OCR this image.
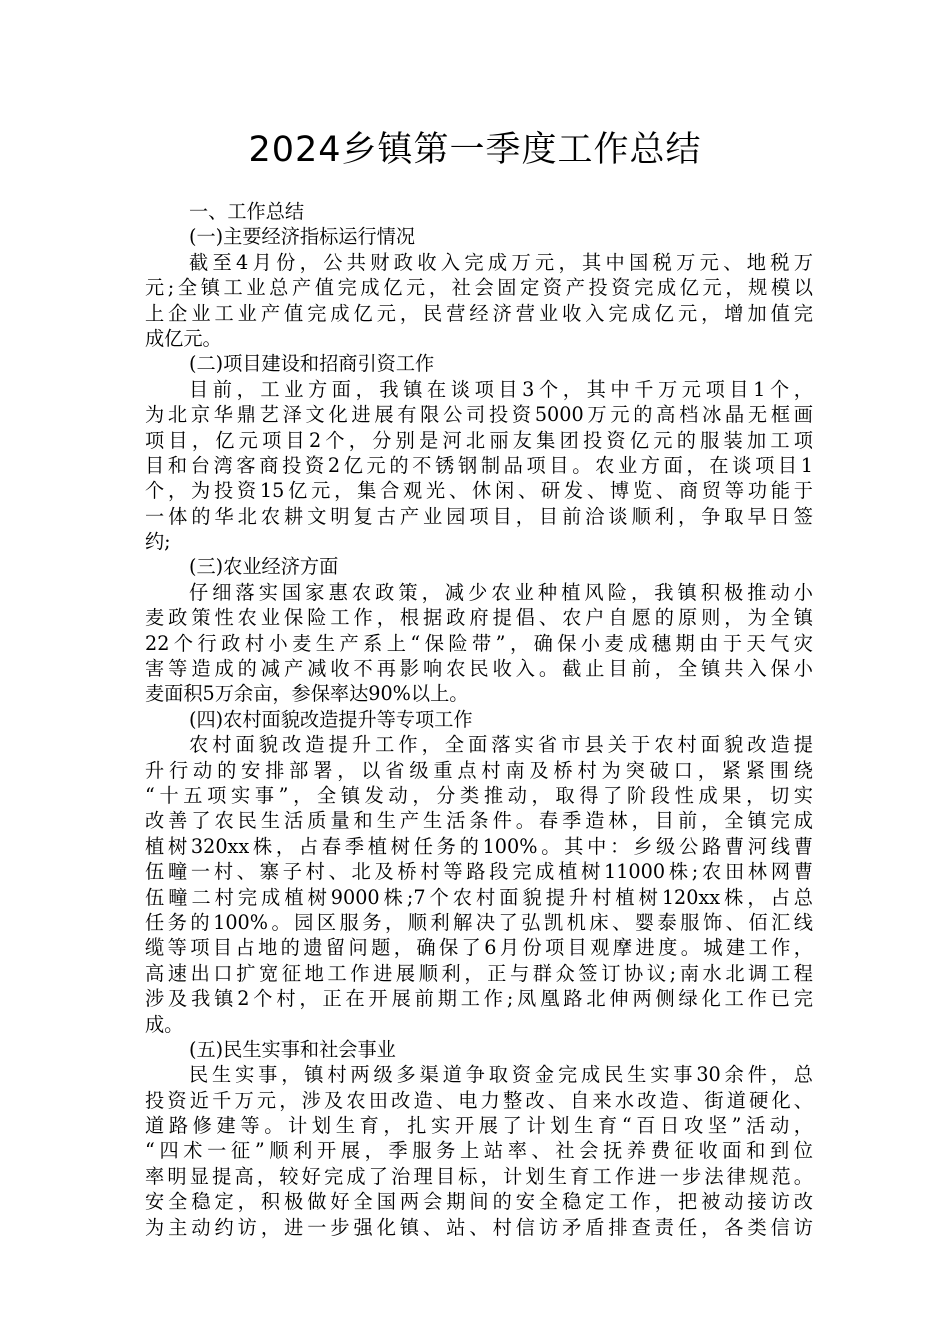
2024乡镇第一季度工作总结
一、工作总结
(一)主要经济指标运行情况
截至4月份，公共财政收入完成万元，其中国税万元、地税万
元;全镇工业总产值完成亿元，社会固定资产投资完成亿元，规模以
上企业工业产值完成亿元，民营经济营业收入完成亿元，增加值完
成亿元。
(二)项目建设和招商引资工作
目前，工业方面，我镇在谈项目3个，其中千万元项目1个，
为北京华鼎艺泽文化进展有限公司投资5000万元的高档冰晶无框画
项目，亿元项目2个，分别是河北丽友集团投资亿元的服装加工项
目和台湾客商投资2亿元的不锈钢制品项目。农业方面，在谈项目1
个，为投资15亿元，集合观光、休闲、研发、博览、商贸等功能于
一体的华北农耕文明复古产业园项目，目前洽谈顺利，争取早日签
约;
(三)农业经济方面
仔细落实国家惠农政策，减少农业种植风险，我镇积极推动小
麦政策性农业保险工作，根据政府提倡、农户自愿的原则，为全镇
22个行政村小麦生产系上“保险带”，确保小麦成穗期由于天气灾
害等造成的减产减收不再影响农民收入。截止目前，全镇共入保小
麦面积5万余亩，参保率达90%以上。
(四)农村面貌改造提升等专项工作
农村面貌改造提升工作，全面落实省市县关于农村面貌改造提
升行动的安排部署，以省级重点村南及桥村为突破口，紧紧围绕
“十五项实事”，全镇发动，分类推动，取得了阶段性成果，切实
改善了农民生活质量和生产生活条件。春季造林，目前，全镇完成
植树320xx株，占春季植树任务的100%。其中：乡级公路曹河线曹
伍疃一村、寨子村、北及桥村等路段完成植树11000株;农田林网曹
伍疃二村完成植树9000株;7个农村面貌提升村植树120xx株，占总
任务的100%。园区服务，顺利解决了弘凯机床、婴泰服饰、佰汇线
缆等项目占地的遗留问题，确保了6月份项目观摩进度。城建工作，
高速出口扩宽征地工作进展顺利，正与群众签订协议;南水北调工程
涉及我镇2个村，正在开展前期工作;凤凰路北伸两侧绿化工作已完
成。
(五)民生实事和社会事业
民生实事，镇村两级多渠道争取资金完成民生实事30余件，总
投资近千万元，涉及农田改造、电力整改、自来水改造、街道硬化、
道路修建等。计划生育，扎实开展了计划生育“百日攻坚”活动，
“四术一征”顺利开展，季服务上站率、社会抚养费征收面和到位
率明显提高，较好完成了治理目标，计划生育工作进一步法律规范。
安全稳定，积极做好全国两会期间的安全稳定工作，把被动接访改
为主动约访，进一步强化镇、站、村信访矛盾排查责任，各类信访
